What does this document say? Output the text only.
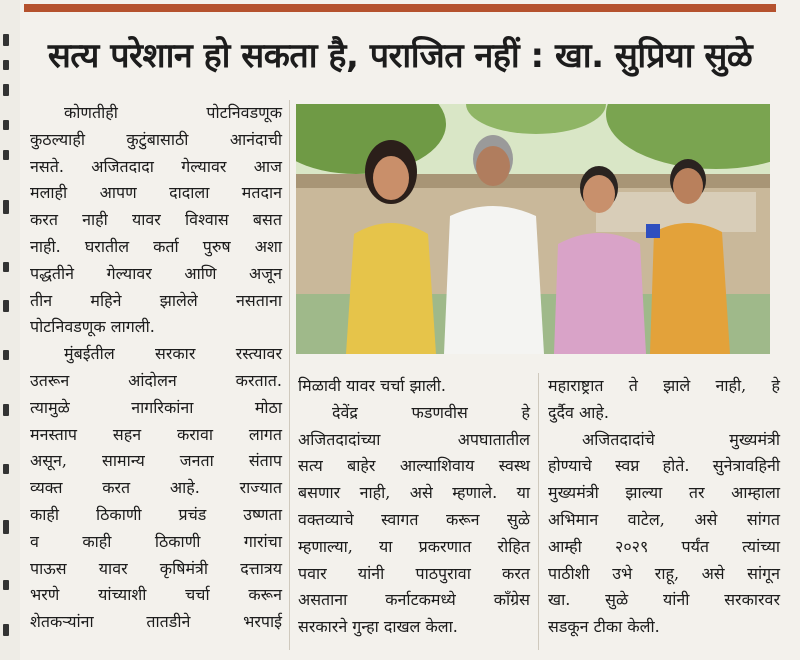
सत्य परेशान हो सकता है, पराजित नहीं : खा. सुप्रिया सुळे
कोणतीही पोटनिवडणूक
कुठल्याही कुटुंबासाठी आनंदाची
नसते. अजितदादा गेल्यावर आज
मलाही आपण दादाला मतदान
करत नाही यावर विश्वास बसत
नाही. घरातील कर्ता पुरुष अशा
पद्धतीने गेल्यावर आणि अजून
तीन महिने झालेले नसताना
पोटनिवडणूक लागली.
मुंबईतील सरकार रस्त्यावर
उतरून आंदोलन करतात.
त्यामुळे नागरिकांना मोठा
मनस्ताप सहन करावा लागत
असून, सामान्य जनता संताप
व्यक्त करत आहे. राज्यात
काही ठिकाणी प्रचंड उष्णता
व काही ठिकाणी गारांचा
पाऊस यावर कृषिमंत्री दत्तात्रय
भरणे यांच्याशी चर्चा करून
शेतकऱ्यांना तातडीने भरपाई
मिळावी यावर चर्चा झाली.
देवेंद्र फडणवीस हे
अजितदादांच्या अपघातातील
सत्य बाहेर आल्याशिवाय स्वस्थ
बसणार नाही, असे म्हणाले. या
वक्तव्याचे स्वागत करून सुळे
म्हणाल्या, या प्रकरणात रोहित
पवार यांनी पाठपुरावा करत
असताना कर्नाटकमध्ये काँग्रेस
सरकारने गुन्हा दाखल केला.
महाराष्ट्रात ते झाले नाही, हे
दुर्दैव आहे.
अजितदादांचे मुख्यमंत्री
होण्याचे स्वप्न होते. सुनेत्रावहिनी
मुख्यमंत्री झाल्या तर आम्हाला
अभिमान वाटेल, असे सांगत
आम्ही २०२९ पर्यंत त्यांच्या
पाठीशी उभे राहू, असे सांगून
खा. सुळे यांनी सरकारवर
सडकून टीका केली.
